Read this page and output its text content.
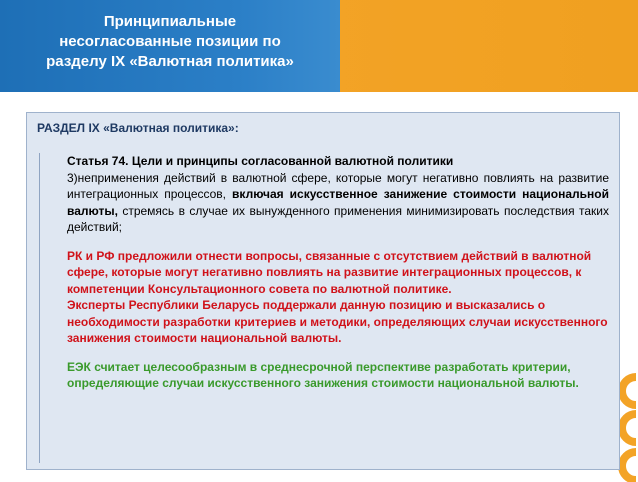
Принципиальные
несогласованные позиции по
разделу IX «Валютная политика»
РАЗДЕЛ IX «Валютная политика»:
Статья 74. Цели и принципы согласованной валютной политики
3)неприменения действий в валютной сфере, которые могут негативно повлиять на развитие интеграционных процессов, включая искусственное занижение стоимости национальной валюты, стремясь в случае их вынужденного применения минимизировать последствия таких действий;
РК и РФ предложили отнести вопросы, связанные с отсутствием действий в валютной сфере, которые могут негативно повлиять на развитие интеграционных процессов, к компетенции Консультационного совета по валютной политике.
Эксперты Республики Беларусь поддержали данную позицию и высказались о необходимости разработки критериев и методики, определяющих случаи искусственного занижения стоимости национальной валюты.
ЕЭК считает целесообразным в среднесрочной перспективе разработать критерии, определяющие случаи искусственного занижения стоимости национальной валюты.
